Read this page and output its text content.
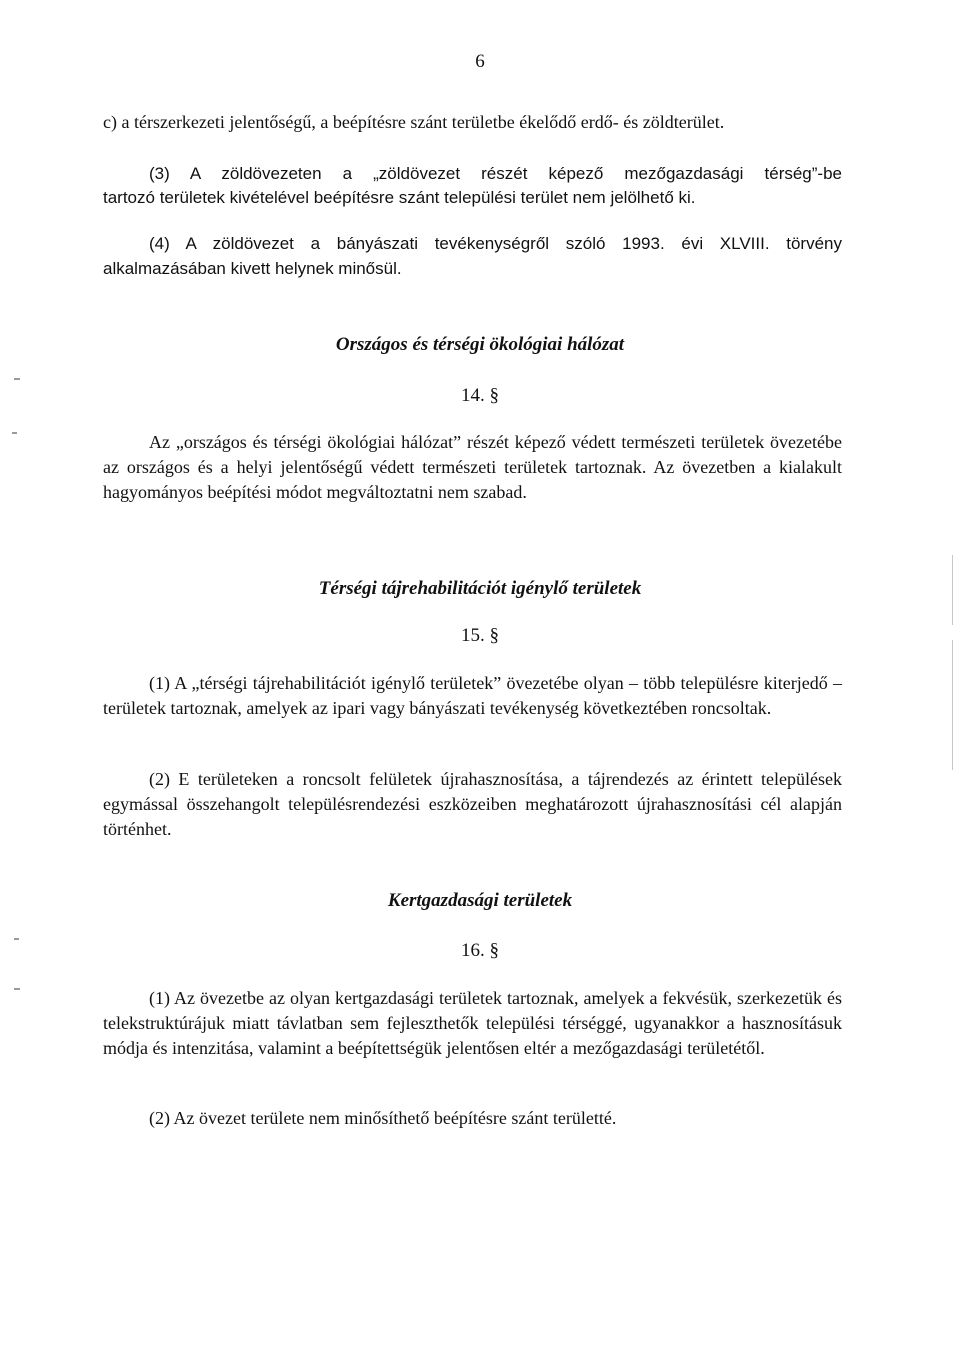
6

c) a térszerkezeti jelentőségű, a beépítésre szánt területbe ékelődő erdő- és zöldterület.

(3) A zöldövezeten a „zöldövezet részét képező mezőgazdasági térség”-be

tartozó területek kivételével beépítésre szánt települési terület nem jelölhető ki.

(4) A zöldövezet a bányászati tevékenységről szóló 1993. évi XLVIII. törvény

alkalmazásában kivett helynek minősül.

Országos és térségi ökológiai hálózat
14. §

Az „országos és térségi ökológiai hálózat” részét képező védett természeti területek övezetébe az országos és a helyi jelentőségű védett természeti területek tartoznak. Az övezetben a kialakult hagyományos beépítési módot megváltoztatni nem szabad.

Térségi tájrehabilitációt igénylő területek
15. §

(1) A „térségi tájrehabilitációt igénylő területek” övezetébe olyan – több településre kiterjedő – területek tartoznak, amelyek az ipari vagy bányászati tevékenység következtében roncsoltak.

(2) E területeken a roncsolt felületek újrahasznosítása, a tájrendezés az érintett települések egymással összehangolt településrendezési eszközeiben meghatározott újrahasznosítási cél alapján történhet.

Kertgazdasági területek
16. §

(1) Az övezetbe az olyan kertgazdasági területek tartoznak, amelyek a fekvésük, szerkezetük és telekstruktúrájuk miatt távlatban sem fejleszthetők települési térséggé, ugyanakkor a hasznosításuk módja és intenzitása, valamint a beépítettségük jelentősen eltér a mezőgazdasági területétől.

(2) Az övezet területe nem minősíthető beépítésre szánt területté.
